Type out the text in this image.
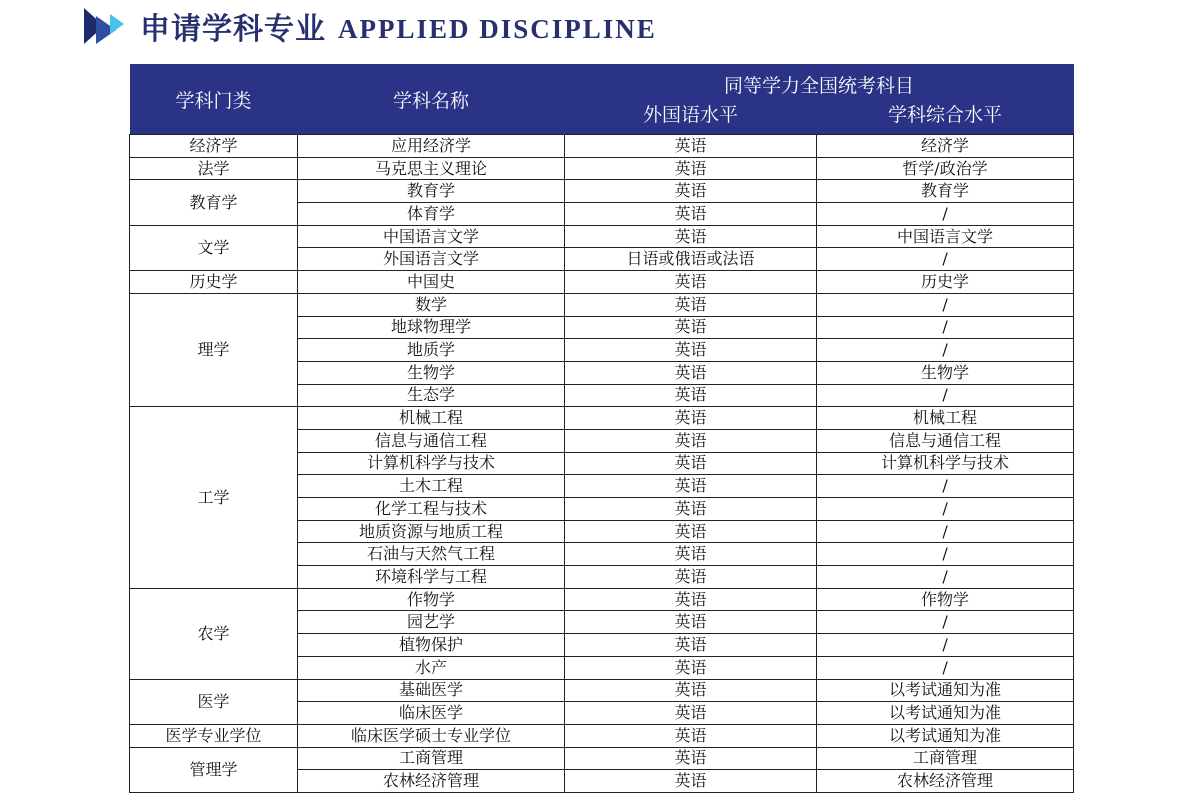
申请学科专业 APPLIED DISCIPLINE
学科门类	学科名称	同等学力全国统考科目	
		外国语水平	学科综合水平
经济学	应用经济学	英语	经济学
法学	马克思主义理论	英语	哲学/政治学
教育学	教育学	英语	教育学
	体育学	英语	/
文学	中国语言文学	英语	中国语言文学
	外国语言文学	日语或俄语或法语	/
历史学	中国史	英语	历史学
理学	数学	英语	/
	地球物理学	英语	/
	地质学	英语	/
	生物学	英语	生物学
	生态学	英语	/
工学	机械工程	英语	机械工程
	信息与通信工程	英语	信息与通信工程
	计算机科学与技术	英语	计算机科学与技术
	土木工程	英语	/
	化学工程与技术	英语	/
	地质资源与地质工程	英语	/
	石油与天然气工程	英语	/
	环境科学与工程	英语	/
农学	作物学	英语	作物学
	园艺学	英语	/
	植物保护	英语	/
	水产	英语	/
医学	基础医学	英语	以考试通知为准
	临床医学	英语	以考试通知为准
医学专业学位	临床医学硕士专业学位	英语	以考试通知为准
管理学	工商管理	英语	工商管理
	农林经济管理	英语	农林经济管理
